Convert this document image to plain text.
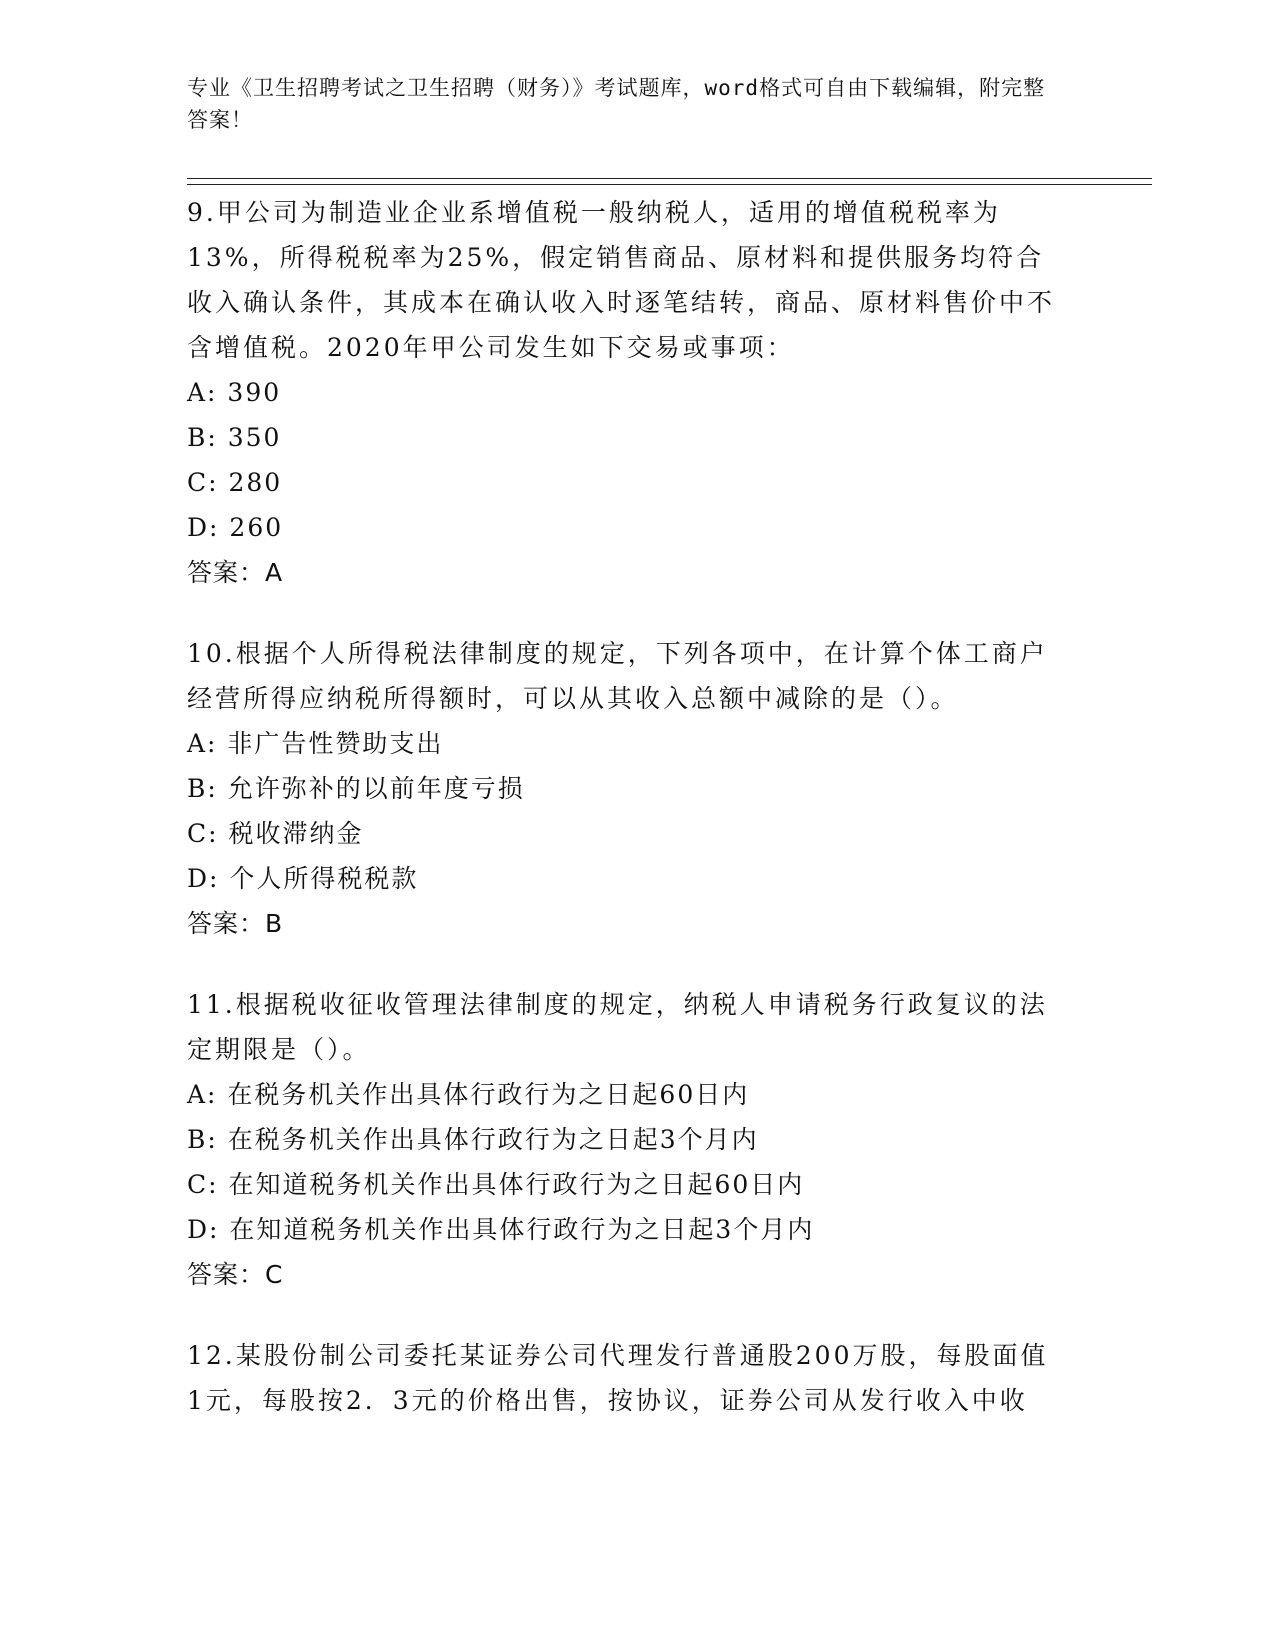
专业《卫生招聘考试之卫生招聘（财务）》考试题库，word格式可自由下载编辑，附完整答案！
9.甲公司为制造业企业系增值税一般纳税人，适用的增值税税率为13%，所得税税率为25%，假定销售商品、原材料和提供服务均符合收入确认条件，其成本在确认收入时逐笔结转，商品、原材料售价中不含增值税。2020年甲公司发生如下交易或事项：
A: 390
B: 350
C: 280
D: 260
答案：A
10.根据个人所得税法律制度的规定，下列各项中，在计算个体工商户经营所得应纳税所得额时，可以从其收入总额中减除的是（）。
A: 非广告性赞助支出
B: 允许弥补的以前年度亏损
C: 税收滞纳金
D: 个人所得税税款
答案：B
11.根据税收征收管理法律制度的规定，纳税人申请税务行政复议的法定期限是（）。
A: 在税务机关作出具体行政行为之日起60日内
B: 在税务机关作出具体行政行为之日起3个月内
C: 在知道税务机关作出具体行政行为之日起60日内
D: 在知道税务机关作出具体行政行为之日起3个月内
答案：C
12.某股份制公司委托某证券公司代理发行普通股200万股，每股面值1元，每股按2．3元的价格出售，按协议，证券公司从发行收入中收
